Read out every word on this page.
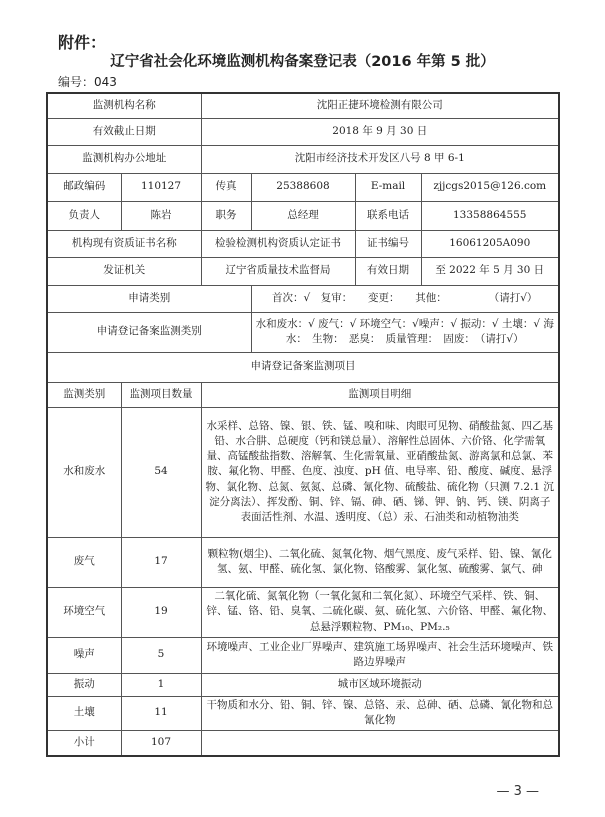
附件：
辽宁省社会化环境监测机构备案登记表（2016 年第 5 批）
编号：043
监测机构名称		沈阳正捷环境检测有限公司			
有效截止日期		2018 年 9 月 30 日			
监测机构办公地址		沈阳市经济技术开发区八号 8 甲 6-1			
邮政编码	110127	传真	25388608	E-mail	zjjcgs2015@126.com
负责人	陈岩	职务	总经理	联系电话	13358864555
机构现有资质证书名称		检验检测机构资质认定证书		证书编号	16061205A090
发证机关		辽宁省质量技术监督局		有效日期	至 2022 年 5 月 30 日
申请类别			首次：√　复审：　　变更：　　其他：　　　　　（请打√）		
申请登记备案监测类别			水和废水：√ 废气：√ 环境空气：√噪声：√ 振动：√ 土壤：√ 海水：　生物：　恶臭：　质量管理：　固废：　（请打√）		
申请登记备案监测项目					
监测类别	监测项目数量	监测项目明细			
水和废水	54	水采样、总铬、镍、银、铁、锰、嗅和味、肉眼可见物、硝酸盐氮、四乙基铅、水合肼、总硬度（钙和镁总量）、溶解性总固体、六价铬、化学需氧量、高锰酸盐指数、溶解氧、生化需氧量、亚硝酸盐氮、游离氯和总氯、苯胺、氟化物、甲醛、色度、浊度、pH 值、电导率、铅、酸度、碱度、悬浮物、氯化物、总氮、氨氮、总磷、氰化物、硫酸盐、硫化物（只测 7.2.1 沉淀分离法）、挥发酚、铜、锌、镉、砷、硒、锑、钾、钠、钙、镁、阴离子表面活性剂、水温、透明度、（总）汞、石油类和动植物油类			
废气	17	颗粒物(烟尘)、二氧化硫、氮氧化物、烟气黑度、废气采样、铅、镍、氰化氢、氨、甲醛、硫化氢、氯化物、铬酸雾、氯化氢、硫酸雾、氯气、砷			
环境空气	19	二氧化硫、氮氧化物（一氧化氮和二氧化氮）、环境空气采样、铁、铜、锌、锰、铬、铅、臭氧、二硫化碳、氨、硫化氢、六价铬、甲醛、氟化物、总悬浮颗粒物、PM₁₀、PM₂.₅			
噪声	5	环境噪声、工业企业厂界噪声、建筑施工场界噪声、社会生活环境噪声、铁路边界噪声			
振动	1	城市区域环境振动			
土壤	11	干物质和水分、铅、铜、锌、镍、总铬、汞、总砷、硒、总磷、氰化物和总氰化物			
小计	107				
— 3 —
